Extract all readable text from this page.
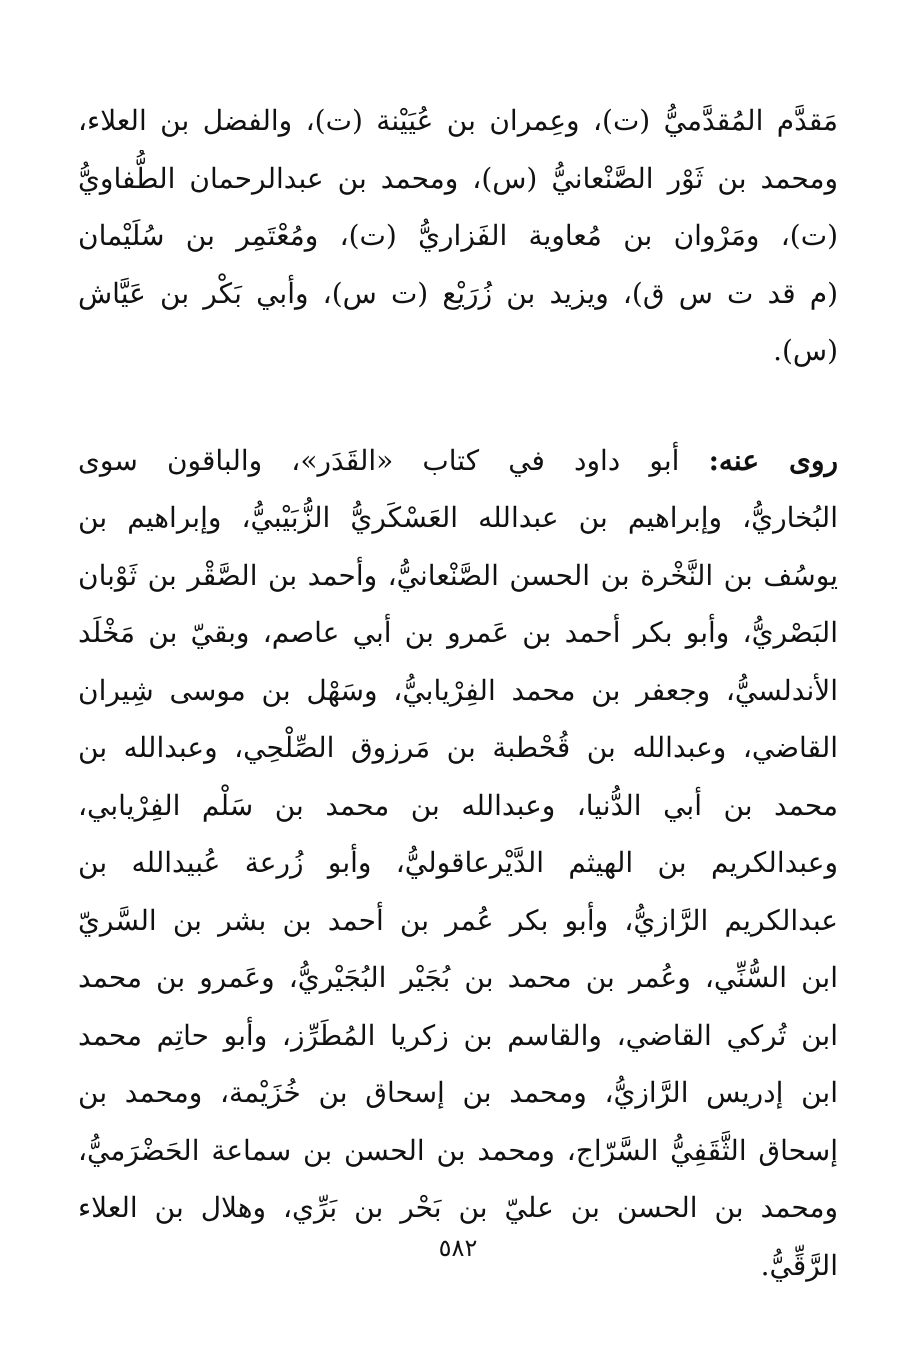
مَقدَّم المُقدَّميُّ (ت)، وعِمران بن عُيَيْنة (ت)، والفضل بن العلاء،
ومحمد بن ثَوْر الصَّنْعانيُّ (س)، ومحمد بن عبدالرحمان الطُّفاويُّ
(ت)، ومَرْوان بن مُعاوية الفَزاريُّ (ت)، ومُعْتَمِر بن سُلَيْمان
(م قد ت س ق)، ويزيد بن زُرَيْع (ت س)، وأبي بَكْر بن عَيَّاش
(س).
روى عنه: أبو داود في كتاب «القَدَر»، والباقون سوى
البُخاريُّ، وإبراهيم بن عبدالله العَسْكَريُّ الزُّبَيْبيُّ، وإبراهيم بن
يوسُف بن النَّخْرة بن الحسن الصَّنْعانيُّ، وأحمد بن الصَّقْر بن ثَوْبان
البَصْريُّ، وأبو بكر أحمد بن عَمرو بن أبي عاصم، وبقيّ بن مَخْلَد
الأندلسيُّ، وجعفر بن محمد الفِرْيابيُّ، وسَهْل بن موسى شِيران
القاضي، وعبدالله بن قُحْطبة بن مَرزوق الصِّلْحِي، وعبدالله بن
محمد بن أبي الدُّنيا، وعبدالله بن محمد بن سَلْم الفِرْيابي،
وعبدالكريم بن الهيثم الدَّيْرعاقوليُّ، وأبو زُرعة عُبيدالله بن
عبدالكريم الرَّازيُّ، وأبو بكر عُمر بن أحمد بن بشر بن السَّريّ
ابن السُّنِّي، وعُمر بن محمد بن بُجَيْر البُجَيْريُّ، وعَمرو بن محمد
ابن تُركي القاضي، والقاسم بن زكريا المُطَرِّز، وأبو حاتِم محمد
ابن إدريس الرَّازيُّ، ومحمد بن إسحاق بن خُزَيْمة، ومحمد بن
إسحاق الثَّقَفِيُّ السَّرّاج، ومحمد بن الحسن بن سماعة الحَضْرَميُّ،
ومحمد بن الحسن بن عليّ بن بَحْر بن بَرِّي، وهلال بن العلاء
الرَّقِّيُّ.
٥٨٢
